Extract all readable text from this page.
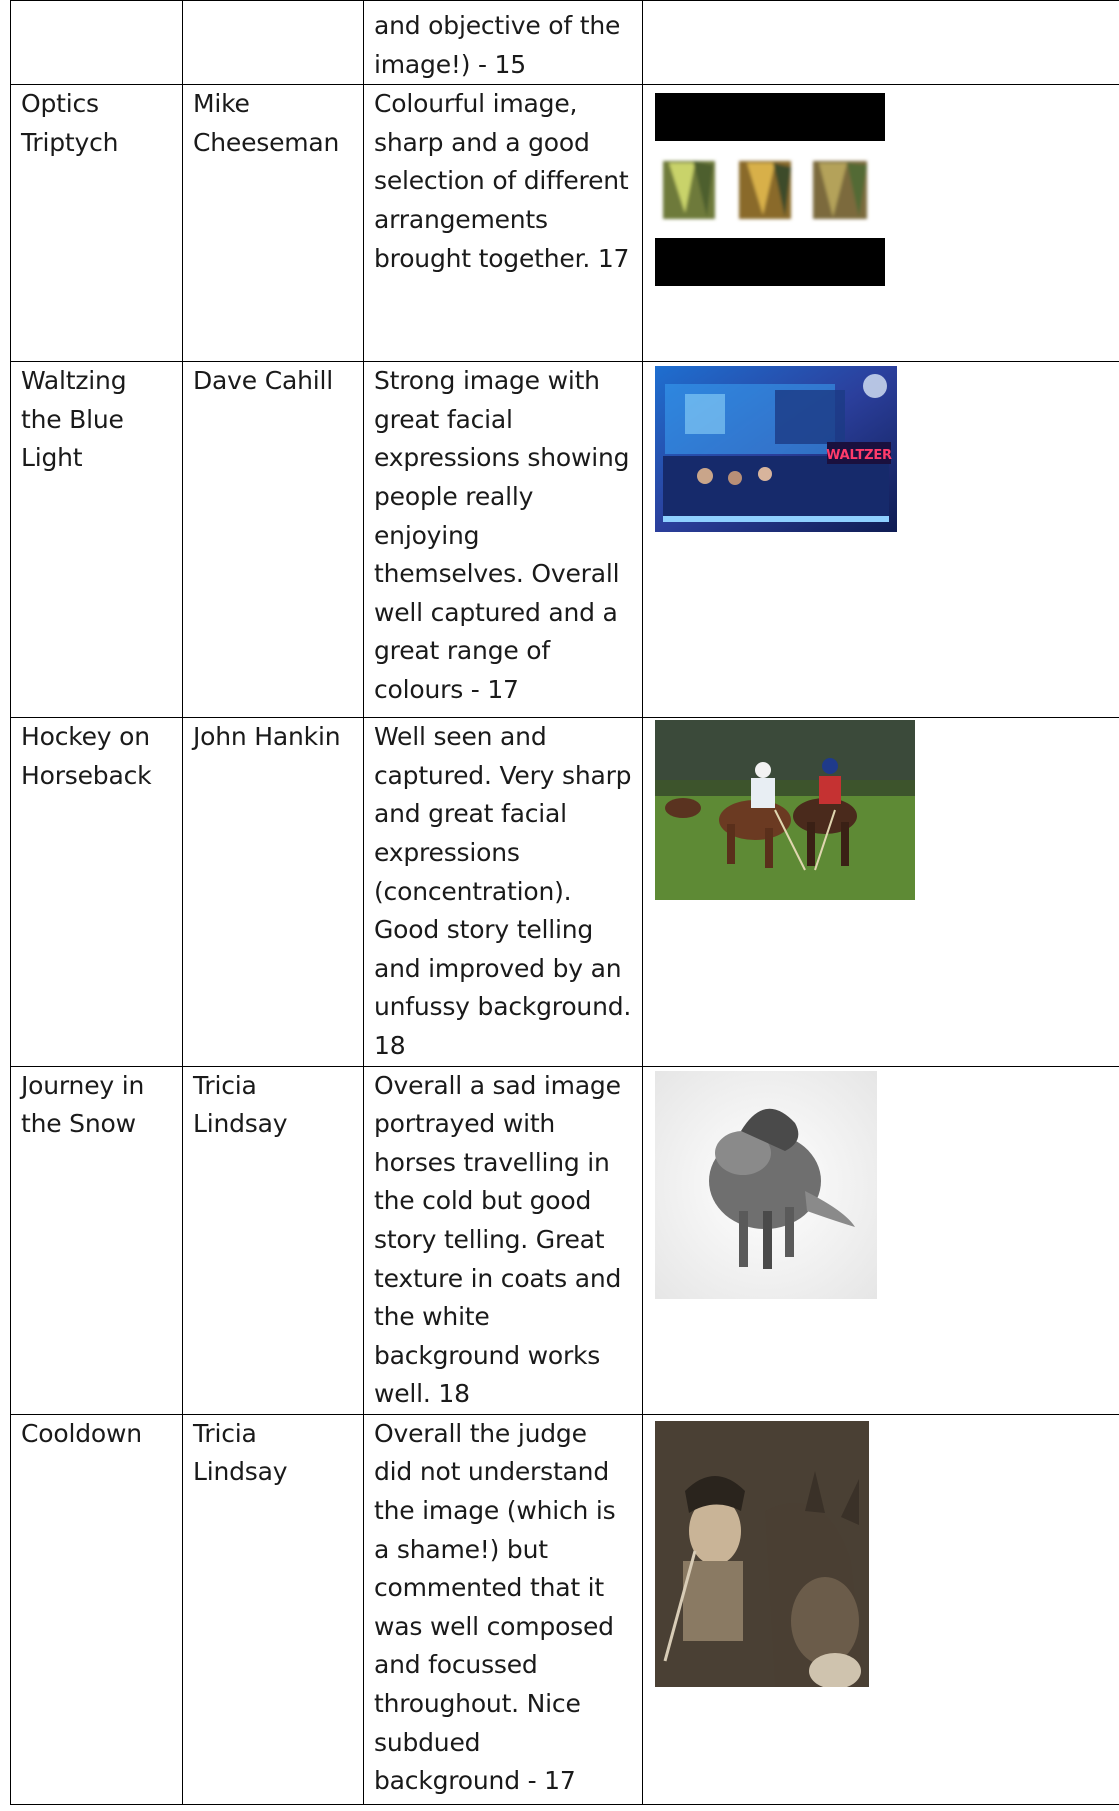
		and objective of the image!) - 15	
Optics Triptych	Mike Cheeseman	Colourful image, sharp and a good selection of different arrangements brought together. 17	

Waltzing the Blue Light	Dave Cahill	Strong image with great facial expressions showing people really enjoying themselves. Overall well captured and a great range of colours - 17	WALTZER

Hockey on Horseback	John Hankin	Well seen and captured. Very sharp and great facial expressions (concentration). Good story telling and improved by an unfussy background. 18	

Journey in the Snow	Tricia Lindsay	Overall a sad image portrayed with horses travelling in the cold but good story telling. Great texture in coats and the white background works well. 18	

Cooldown	Tricia Lindsay	Overall the judge did not understand the image (which is a shame!) but commented that it was well composed and focussed throughout. Nice subdued background - 17	
